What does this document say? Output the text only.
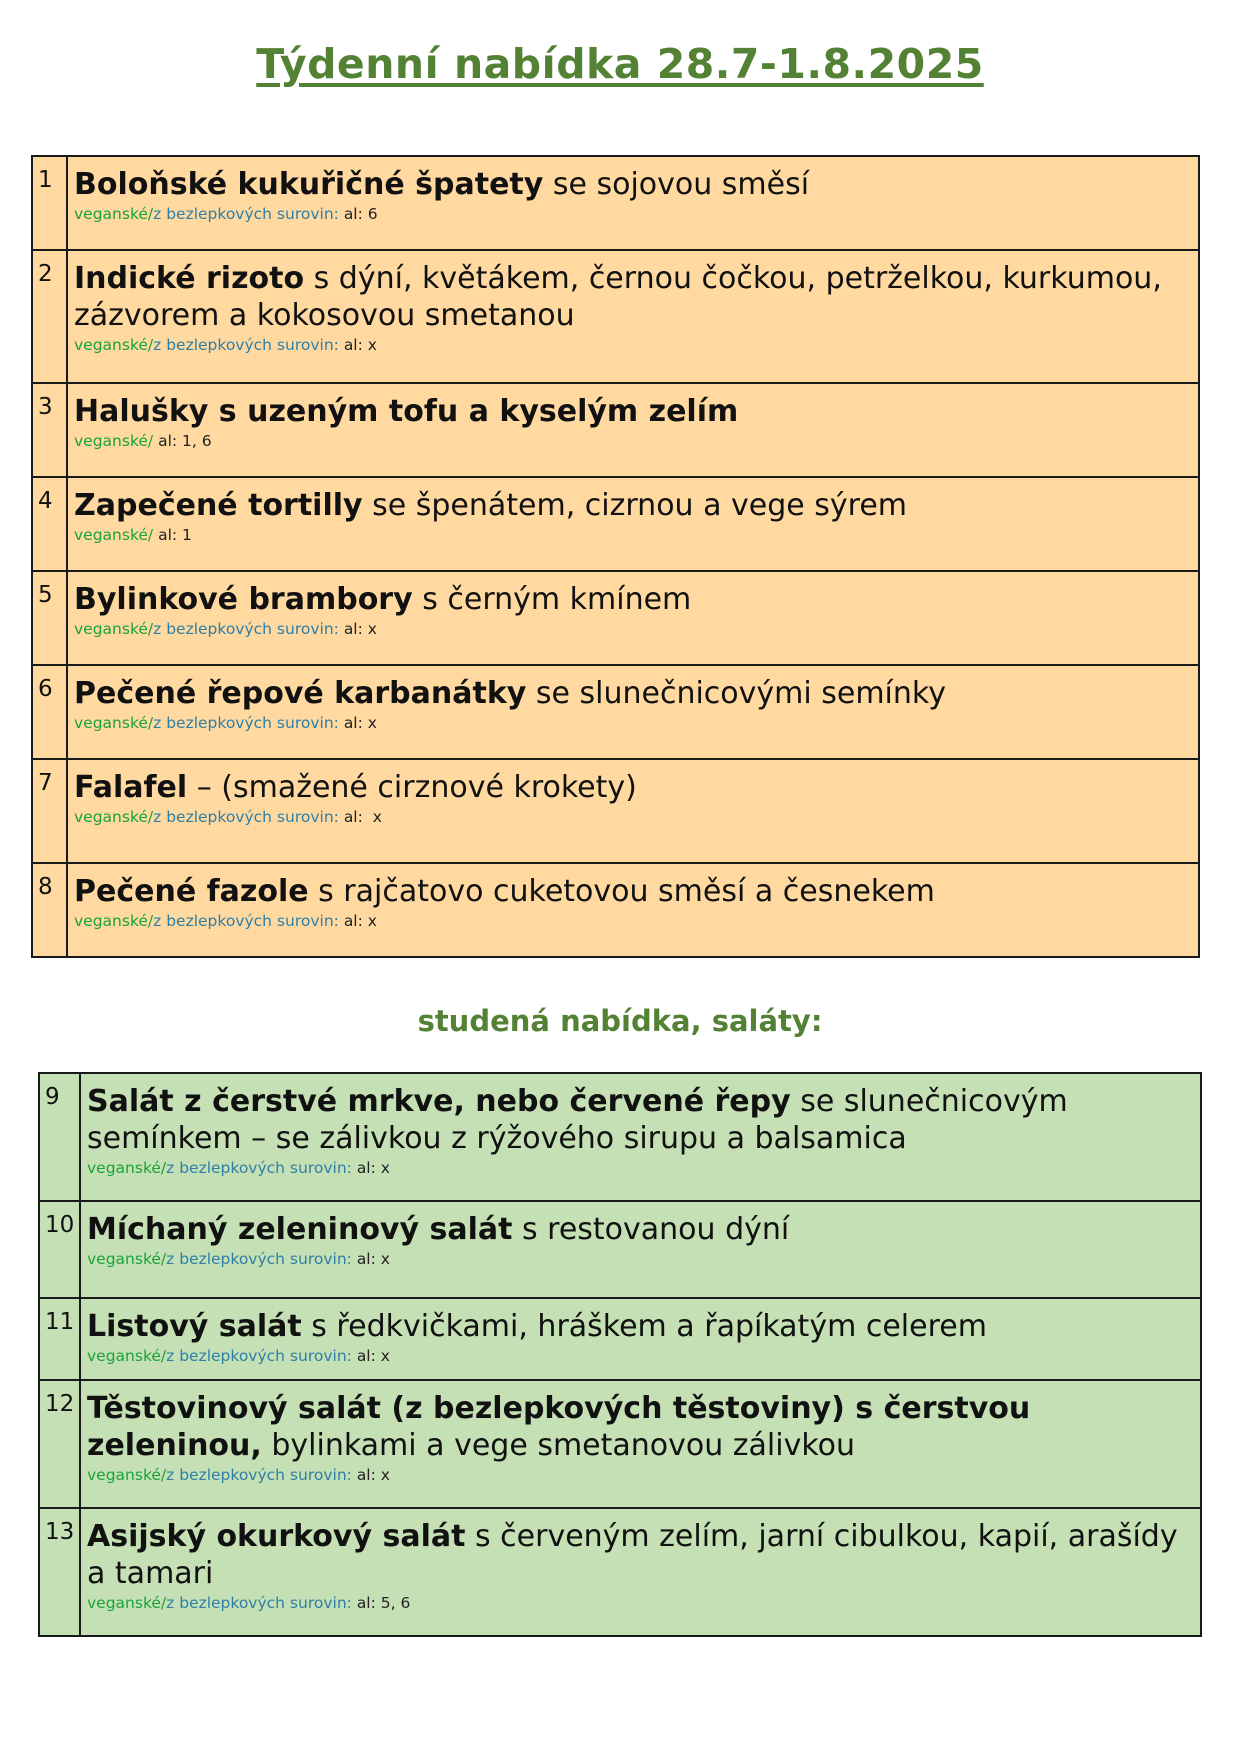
Týdenní nabídka 28.7-1.8.2025
1	Boloňské kukuřičné špatety se sojovou směsí
veganské/z bezlepkových surovin: al: 6

2	Indické rizoto s dýní, květákem, černou čočkou, petrželkou, kurkumou, zázvorem a kokosovou smetanou
veganské/z bezlepkových surovin: al: x

3	Halušky s uzeným tofu a kyselým zelím
veganské/ al: 1, 6

4	Zapečené tortilly se špenátem, cizrnou a vege sýrem
veganské/ al: 1

5	Bylinkové brambory s černým kmínem
veganské/z bezlepkových surovin: al: x

6	Pečené řepové karbanátky se slunečnicovými semínky
veganské/z bezlepkových surovin: al: x

7	Falafel – (smažené cirznové krokety)
veganské/z bezlepkových surovin: al:  x

8	Pečené fazole s rajčatovo cuketovou směsí a česnekem
veganské/z bezlepkových surovin: al: x
studená nabídka, saláty:
9	Salát z čerstvé mrkve, nebo červené řepy se slunečnicovým semínkem – se zálivkou z rýžového sirupu a balsamica
veganské/z bezlepkových surovin: al: x

10	Míchaný zeleninový salát s restovanou dýní
veganské/z bezlepkových surovin: al: x

11	Listový salát s ředkvičkami, hráškem a řapíkatým celerem
veganské/z bezlepkových surovin: al: x

12	Těstovinový salát (z bezlepkových těstoviny) s čerstvou zeleninou, bylinkami a vege smetanovou zálivkou
veganské/z bezlepkových surovin: al: x

13	Asijský okurkový salát s červeným zelím, jarní cibulkou, kapií, arašídy a tamari
veganské/z bezlepkových surovin: al: 5, 6
